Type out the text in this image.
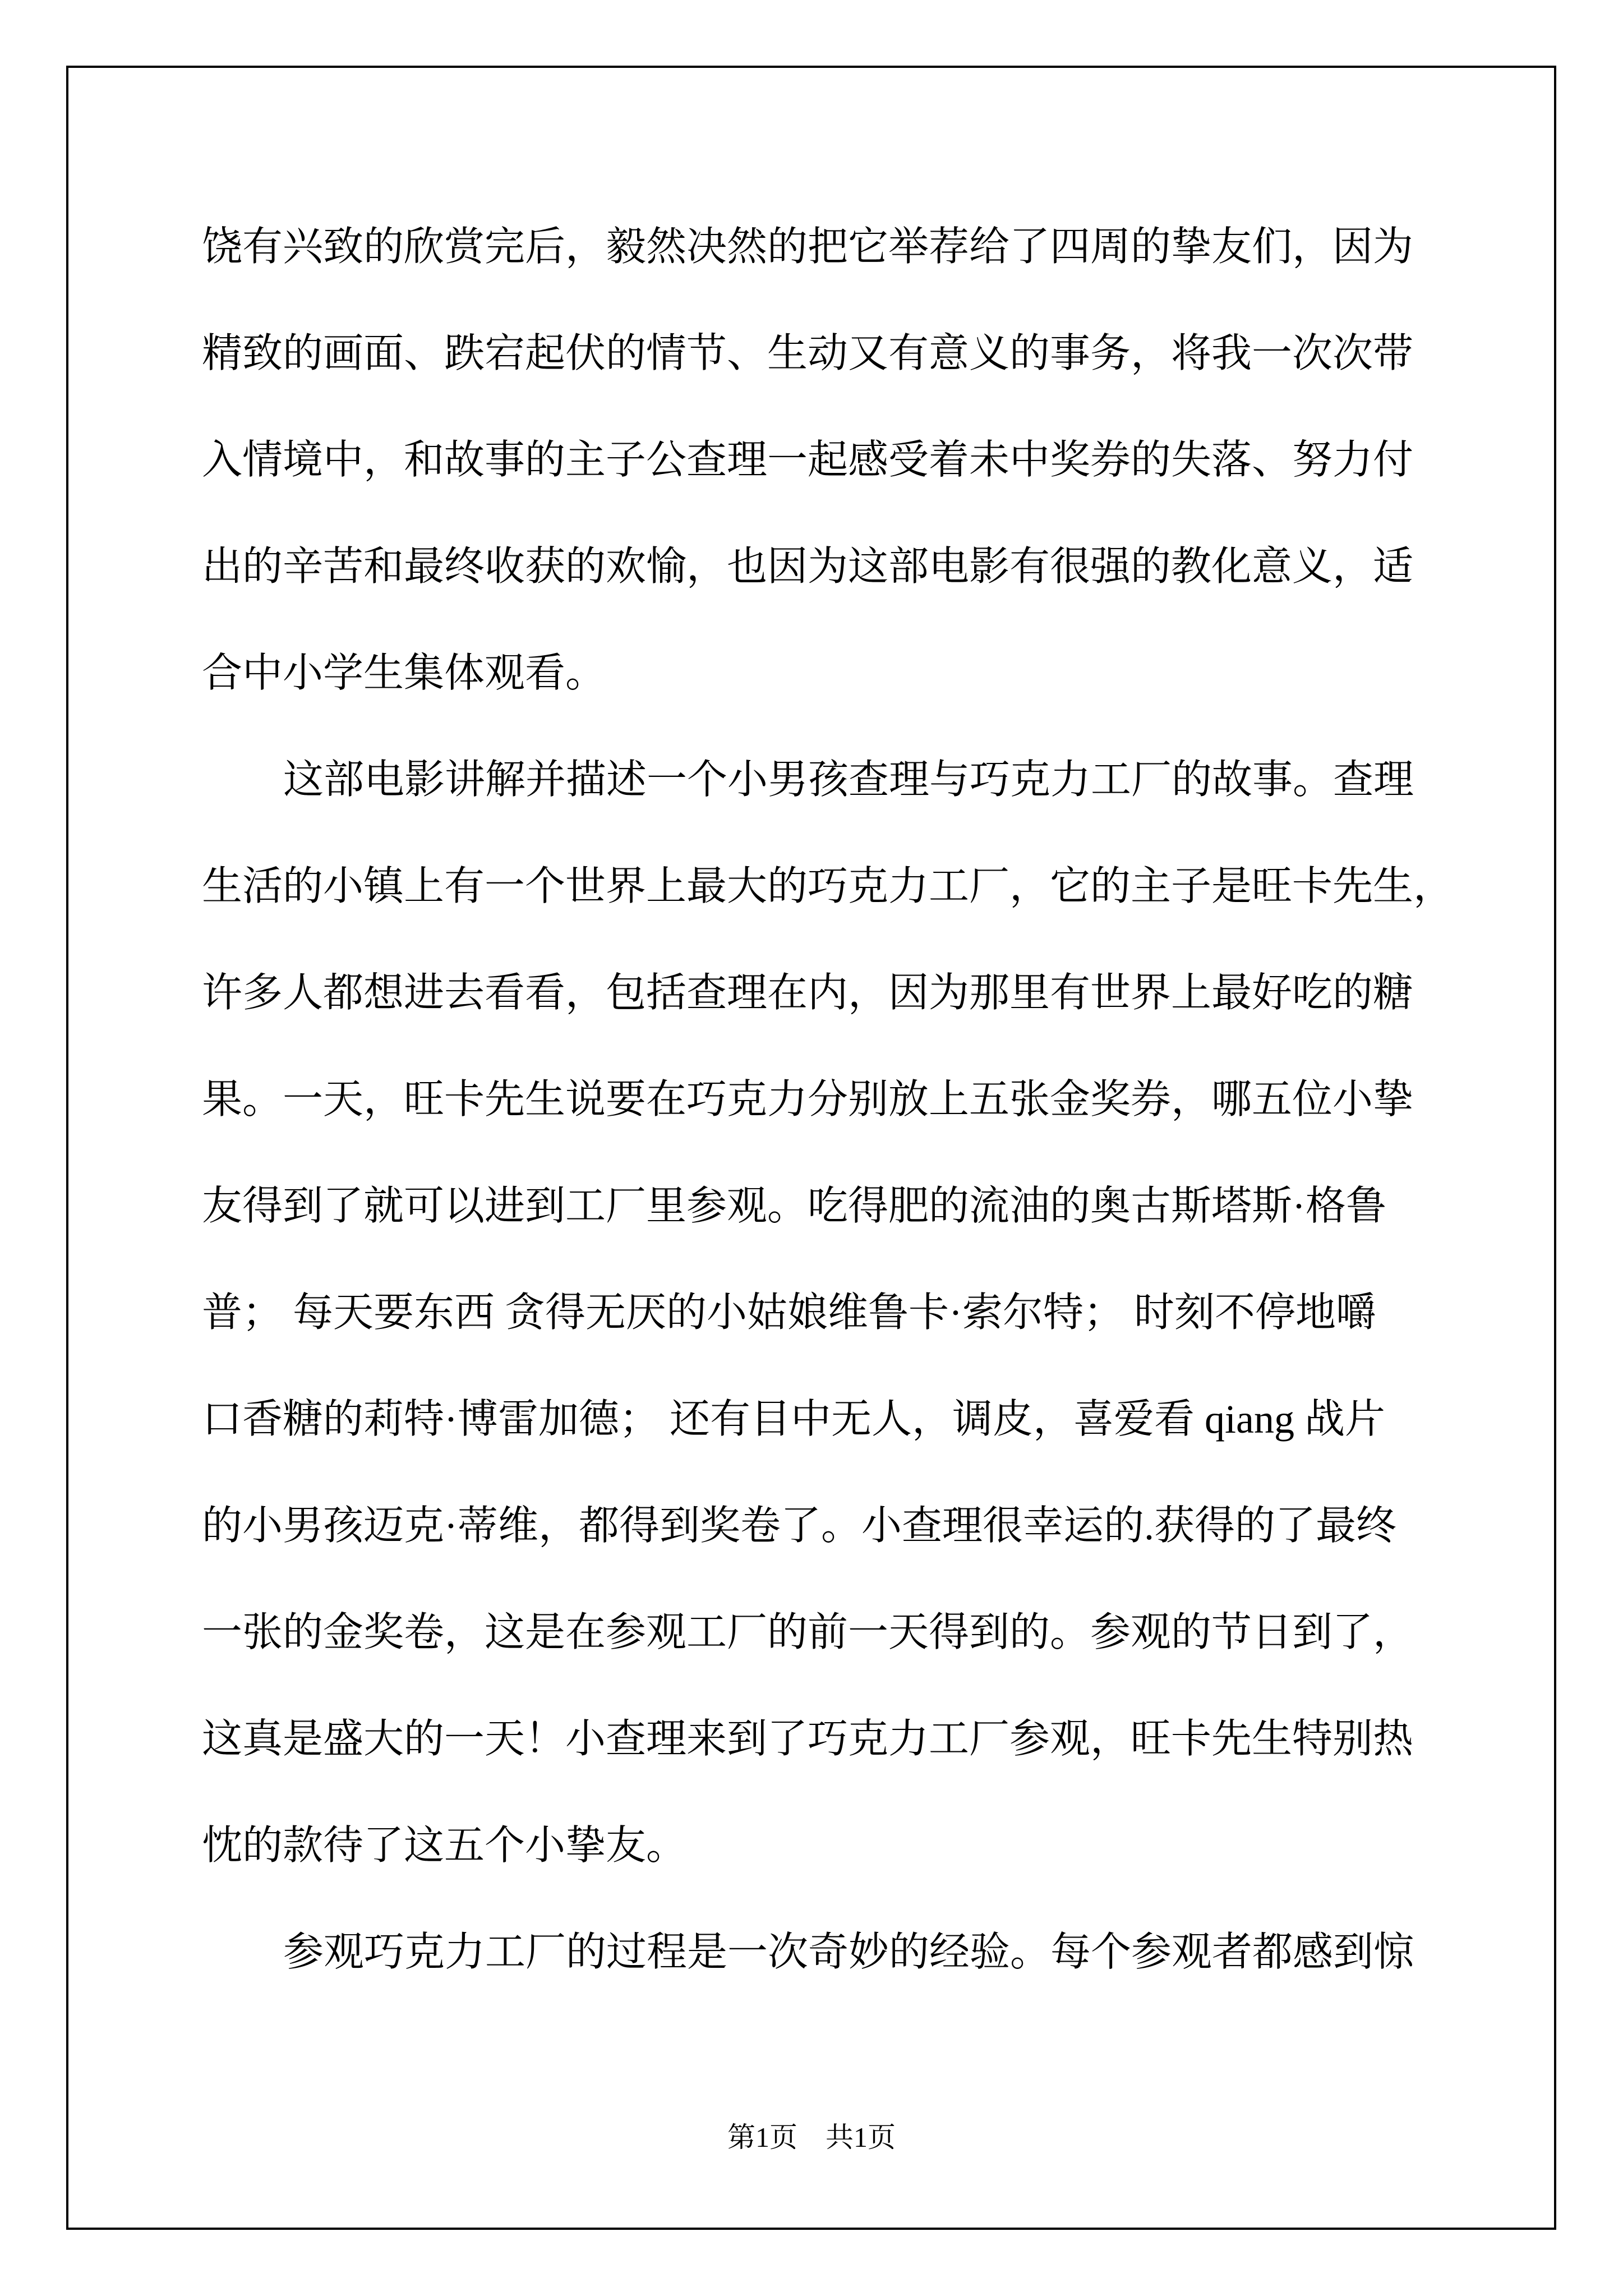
饶有兴致的欣赏完后，毅然决然的把它举荐给了四周的挚友们，因为
精致的画面、跌宕起伏的情节、生动又有意义的事务，将我一次次带
入情境中，和故事的主子公查理一起感受着未中奖券的失落、努力付
出的辛苦和最终收获的欢愉，也因为这部电影有很强的教化意义，适
合中小学生集体观看。
这部电影讲解并描述一个小男孩查理与巧克力工厂的故事。查理
生活的小镇上有一个世界上最大的巧克力工厂，它的主子是旺卡先生，
许多人都想进去看看，包括查理在内，因为那里有世界上最好吃的糖
果。一天，旺卡先生说要在巧克力分别放上五张金奖券，哪五位小挚
友得到了就可以进到工厂里参观。吃得肥的流油的奥古斯塔斯·格鲁
普； 每天要东西 贪得无厌的小姑娘维鲁卡·索尔特； 时刻不停地嚼
口香糖的莉特·博雷加德； 还有目中无人，调皮，喜爱看 qiang 战片
的小男孩迈克·蒂维，都得到奖卷了。小查理很幸运的.获得的了最终
一张的金奖卷，这是在参观工厂的前一天得到的。参观的节日到了，
这真是盛大的一天！小查理来到了巧克力工厂参观，旺卡先生特别热
忱的款待了这五个小挚友。
参观巧克力工厂的过程是一次奇妙的经验。每个参观者都感到惊
第1页　共1页
